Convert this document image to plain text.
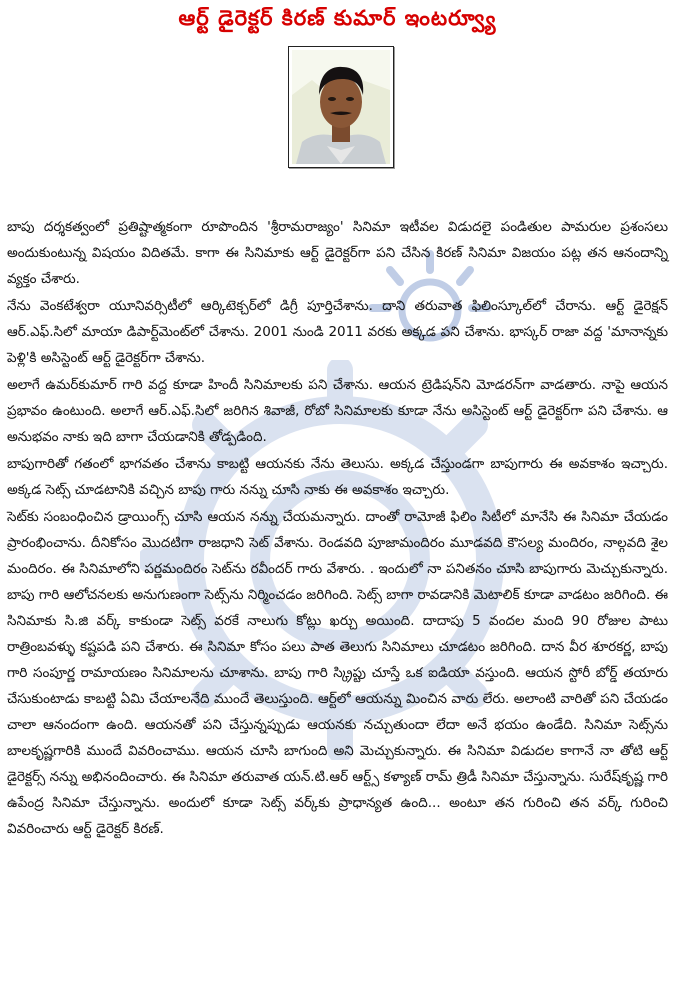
ఆర్ట్ డైరెక్టర్ కిరణ్ కుమార్ ఇంటర్వ్యూ

బాపు దర్శకత్వంలో ప్రతిష్టాత్మకంగా రూపొందిన 'శ్రీరామరాజ్యం' సినిమా ఇటీవల విడుదలై పండితుల పామరుల ప్రశంసలు అందుకుంటున్న విషయం విదితమే. కాగా ఈ సినిమాకు ఆర్ట్ డైరెక్టర్‌గా పని చేసిన కిరణ్ సినిమా విజయం పట్ల తన ఆనందాన్ని వ్యక్తం చేశారు.

నేను వెంకటేశ్వరా యూనివర్సిటీలో ఆర్కిటెక్చర్‌లో డిగ్రీ పూర్తిచేశాను. దాని తరువాత ఫిలింస్కూల్‌లో చేరాను. ఆర్ట్ డైరెక్షన్ ఆర్.ఎఫ్.సిలో మాయా డిపార్ట్‌మెంట్‌లో చేశాను. 2001 నుండి 2011 వరకు అక్కడ పని చేశాను. భాస్కర్ రాజా వద్ద 'మానాన్నకు పెళ్లి'కి అసిస్టెంట్ ఆర్ట్ డైరెక్టర్‌గా చేశాను.

అలాగే ఉమర్‌కుమార్ గారి వద్ద కూడా హిందీ సినిమాలకు పని చేశాను. ఆయన ట్రెడిషన్‌ని మోడరన్‌గా వాడతారు. నాపై ఆయన ప్రభావం ఉంటుంది. అలాగే ఆర్.ఎఫ్.సిలో జరిగిన శివాజీ, రోబో సినిమాలకు కూడా నేను అసిస్టెంట్ ఆర్ట్ డైరెక్టర్‌గా పని చేశాను. ఆ అనుభవం నాకు ఇది బాగా చేయడానికి తోడ్పడింది.

బాపుగారితో గతంలో భాగవతం చేశాను కాబట్టి ఆయనకు నేను తెలుసు. అక్కడ చేస్తుండగా బాపుగారు ఈ అవకాశం ఇచ్చారు. అక్కడ సెట్స్ చూడటానికి వచ్చిన బాపు గారు నన్ను చూసి నాకు ఈ అవకాశం ఇచ్చారు.

సెట్‌కు సంబంధించిన డ్రాయింగ్స్ చూసి ఆయన నన్ను చేయమన్నారు. దాంతో రామోజీ ఫిలిం సిటీలో మానేసి ఈ సినిమా చేయడం ప్రారంభించాను. దీనికోసం మొదటిగా రాజధాని సెట్ వేశాను. రెండవది పూజామందిరం మూడవది కౌసల్య మందిరం, నాల్గవది శైల మందిరం. ఈ సినిమాలోని పర్ణమందిరం సెట్‌ను రవీందర్ గారు వేశారు. . ఇందులో నా పనితనం చూసి బాపుగారు మెచ్చుకున్నారు. బాపు గారి ఆలోచనలకు అనుగుణంగా సెట్స్‌ను నిర్మించడం జరిగింది. సెట్స్ బాగా రావడానికి మెటాలిక్ కూడా వాడటం జరిగింది. ఈ సినిమాకు సి.జి వర్క్ కాకుండా సెట్స్ వరకే నాలుగు కోట్లు ఖర్చు అయింది. దాదాపు 5 వందల మంది 90 రోజుల పాటు రాత్రింబవళ్ళు కష్టపడి పని చేశారు. ఈ సినిమా కోసం పలు పాత తెలుగు సినిమాలు చూడటం జరిగింది. దాన వీర శూరకర్ణ, బాపు గారి సంపూర్ణ రామాయణం సినిమాలను చూశాను. బాపు గారి స్క్రిప్టు చూస్తే ఒక ఐడియా వస్తుంది. ఆయన స్టోరీ బోర్డ్ తయారు చేసుకుంటాడు కాబట్టి ఏమి చేయాలనేది ముందే తెలుస్తుంది. ఆర్ట్‌లో ఆయన్ను మించిన వారు లేరు. అలాంటి వారితో పని చేయడం చాలా ఆనందంగా ఉంది. ఆయనతో పని చేస్తున్నప్పుడు ఆయనకు నచ్చుతుందా లేదా అనే భయం ఉండేది. సినిమా సెట్స్‌ను బాలకృష్ణగారికి ముందే వివరించాము. ఆయన చూసి బాగుంది అని మెచ్చుకున్నారు. ఈ సినిమా విడుదల కాగానే నా తోటి ఆర్ట్ డైరెక్టర్స్ నన్ను అభినందించారు. ఈ సినిమా తరువాత యన్.టి.ఆర్ ఆర్ట్స్ కళ్యాణ్ రామ్ త్రిడీ సినిమా చేస్తున్నాను. సురేష్‌కృష్ణ గారి ఉపేంద్ర సినిమా చేస్తున్నాను. అందులో కూడా సెట్స్ వర్క్‌కు ప్రాధాన్యత ఉంది... అంటూ తన గురించి తన వర్క్ గురించి వివరించారు ఆర్ట్ డైరెక్టర్ కిరణ్.
